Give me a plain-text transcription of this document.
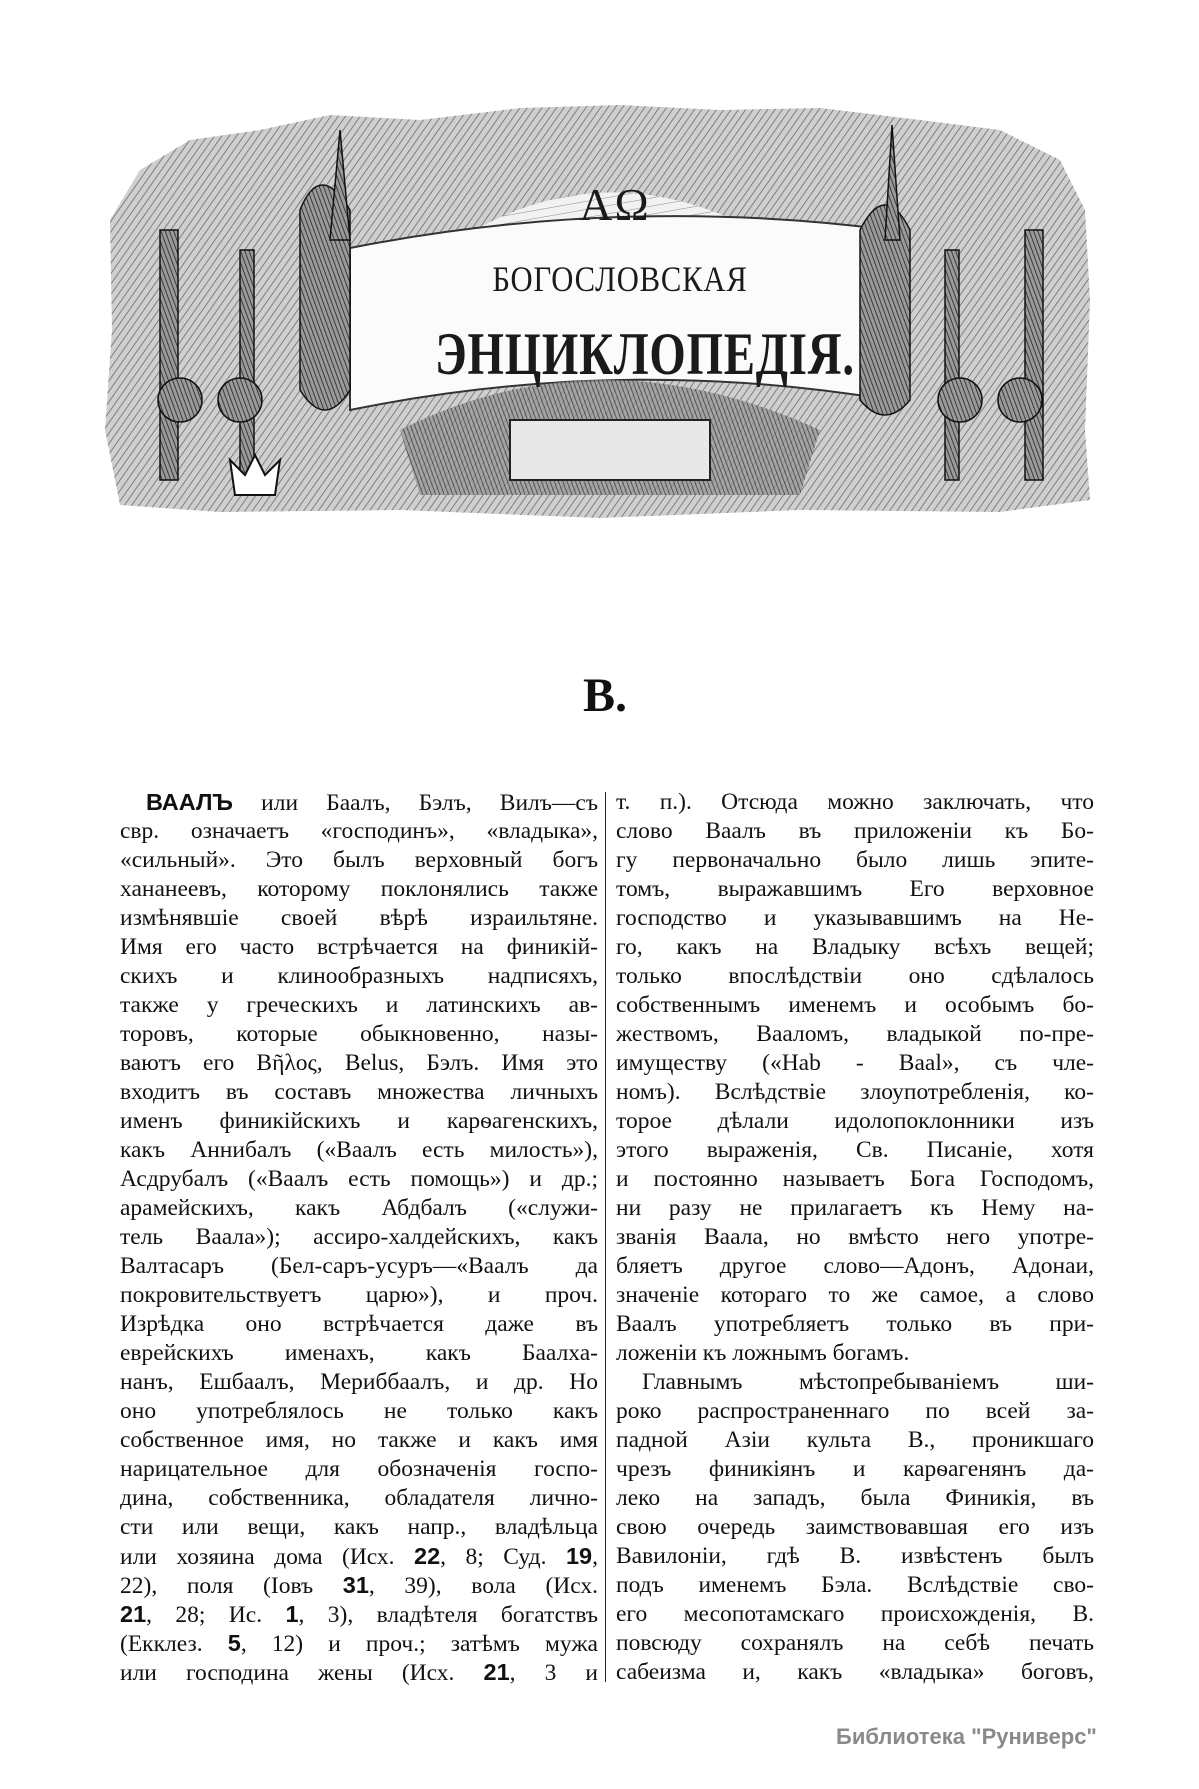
АΩ
БОГОСЛОВСКАЯ
ЭНЦИКЛОПЕДІЯ.
В.
ВААЛЪ или Баалъ, Бэлъ, Вилъ—съ
свр. означаетъ «господинъ», «владыка»,
«сильный». Это былъ верховный богъ
хананеевъ, которому поклонялись также
измѣнявшіе своей вѣрѣ израильтяне.
Имя его часто встрѣчается на финикій-
скихъ и клинообразныхъ надписяхъ,
также у греческихъ и латинскихъ ав-
торовъ, которые обыкновенно, назы-
ваютъ его Βῆλος, Belus, Бэлъ. Имя это
входитъ въ составъ множества личныхъ
именъ финикійскихъ и карѳагенскихъ,
какъ Аннибалъ («Ваалъ есть милость»),
Асдрубалъ («Ваалъ есть помощь») и др.;
арамейскихъ, какъ Абдбалъ («служи-
тель Ваала»); ассиро-халдейскихъ, какъ
Валтасаръ (Бел-саръ-усуръ—«Ваалъ да
покровительствуетъ царю»), и проч.
Изрѣдка оно встрѣчается даже въ
еврейскихъ именахъ, какъ Баалха-
нанъ, Ешбаалъ, Мериббаалъ, и др. Но
оно употреблялось не только какъ
собственное имя, но также и какъ имя
нарицательное для обозначенія госпо-
дина, собственника, обладателя лично-
сти или вещи, какъ напр., владѣльца
или хозяина дома (Исх. 22, 8; Суд. 19,
22), поля (Іовъ 31, 39), вола (Исх.
21, 28; Ис. 1, 3), владѣтеля богатствъ
(Екклез. 5, 12) и проч.; затѣмъ мужа
или господина жены (Исх. 21, 3 и
т. п.). Отсюда можно заключать, что
слово Ваалъ въ приложеніи къ Бо-
гу первоначально было лишь эпите-
томъ, выражавшимъ Его верховное
господство и указывавшимъ на Не-
го, какъ на Владыку всѣхъ вещей;
только впослѣдствіи оно сдѣлалось
собственнымъ именемъ и особымъ бо-
жествомъ, Вааломъ, владыкой по-пре-
имуществу («Hab - Baal», съ чле-
номъ). Вслѣдствіе злоупотребленія, ко-
торое дѣлали идолопоклонники изъ
этого выраженія, Св. Писаніе, хотя
и постоянно называетъ Бога Господомъ,
ни разу не прилагаетъ къ Нему на-
званія Ваала, но вмѣсто него употре-
бляетъ другое слово—Адонъ, Адонаи,
значеніе котораго то же самое, а слово
Ваалъ употребляетъ только въ при-
ложеніи къ ложнымъ богамъ.
Главнымъ мѣстопребываніемъ ши-
роко распространеннаго по всей за-
падной Азіи культа В., проникшаго
чрезъ финикіянъ и карѳагенянъ да-
леко на западъ, была Финикія, въ
свою очередь заимствовавшая его изъ
Вавилоніи, гдѣ В. извѣстенъ былъ
подъ именемъ Бэла. Вслѣдствіе сво-
его месопотамскаго происхожденія, В.
повсюду сохранялъ на себѣ печать
сабеизма и, какъ «владыка» боговъ,
Библиотека "Руниверс"
